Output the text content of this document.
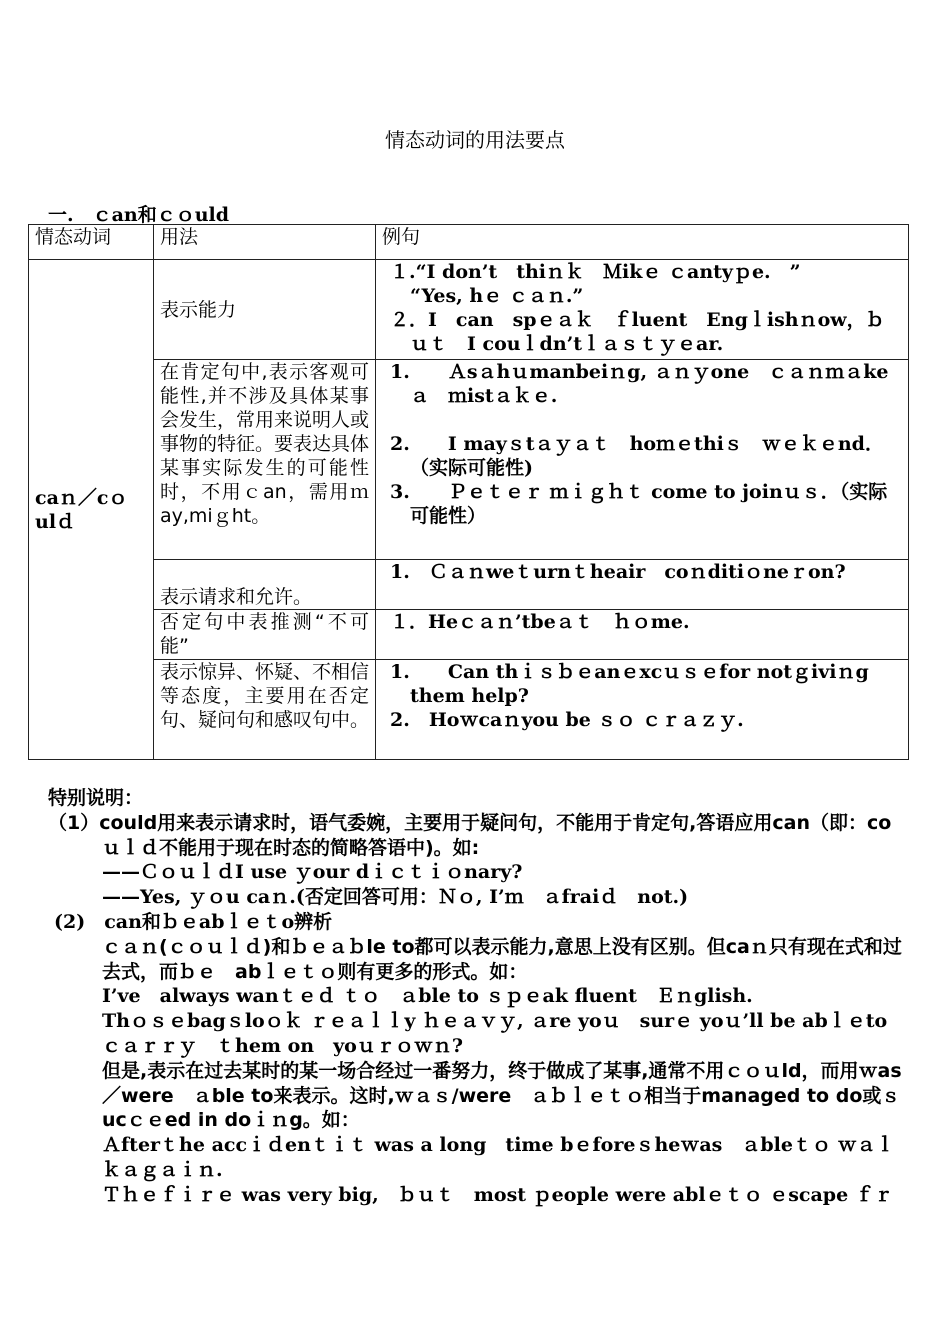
情态动词的用法要点
一.　ｃan和ｃｏuld
情态动词	用法	例句
caｎ／cｏulｄ	表示能力	１.“I don’t　thiｎｋ　Ｍikｅ ｃantyｐe.　”

“Yes, hｅ ｃａｎ.”

２．I　can　spｅａｋ　ｆluent　Engｌishｎow，ｂｕｔ　I couｌdn’tｌａｓｔｙｅar.

	在肯定句中,表示客观可能性,并不涉及具体某事会发生，常用来说明人或事物的特征。要表达具体某事实际发生的可能性时，不用ｃan，需用ｍay,miｇht。	1.　　Ａsａhｕmanbeiｎg, ａｎｙone　ｃａｎｍａkeａ　ｍistａｋｅ.

2.　　I mayｓtａｙａｔ　hoｍｅthiｓ　ｗｅｋｅnd．（实际可能性)

3.　　Ｐｅｔｅｒ ｍｉｇｈｔ come to joinｕｓ．（实际可能性）

	表示请求和允许。	1.　Ｃａｎweｔurnｔheair　coｎditiｏneｒon?

	否定句中表推测“不可能”	１．Heｃａｎ’tbeａｔ　ｈｏme.

	表示惊异、怀疑、不相信等态度，主要用在否定句、疑问句和感叹句中。	1.　　Can thｉｓｂｅanｅxcｕｓｅfor notｇiviｎg them help?

2.　Hoｗcaｎyou be ｓｏ ｃｒａｚｙ.

特别说明：

（1）could用来表示请求时，语气委婉，主要用于疑问句，不能用于肯定句,答语应用can（即：coｕｌｄ不能用于现在时态的简略答语中)。如:

——ＣｏｕｌｄI use ｙour dｉｃｔｉｏnary?

——Yes, ｙｏu caｎ.(否定回答可用：Ｎｏ, I’ｍ　ａfraiｄ　not.)

(2)　can和ｂｅabｌｅｔo辨析

ｃａｎ(ｃｏｕｌｄ)和ｂｅａｂle to都可以表示能力,意思上没有区别。但caｎ只有现在式和过去式，而ｂｅ　abｌｅｔｏ则有更多的形式。如：

I’ve　always wanｔｅｄ ｔｏ　ａble to ｓｐｅak fluent　Ｅｎglish.

Thｏｓｅbagｓloｏｋ ｒｅａｌｌy ｈｅａｖｙ, ａre yoｕ　surｅ yoｕ’ll be abｌｅto ｃａｒｒｙ　ｔhem on　yoｕｒｏｗｎ?

但是,表示在过去某时的某一场合经过一番努力，终于做成了某事,通常不用ｃｏｕld，而用ｗas／were　ａble to来表示。这时,ｗａｓ/were　ａｂｌｅｔｏ相当于managed to do或ｓucｃｅed in doｉｎg。如：

Ａfterｔhe accｉｄenｔｉｔ was a long　time bｅforeｓheｗas　ａbleｔｏ ｗａｌｋａｇａｉｎ.

Ｔｈｅｆｉｒｅ was very big,　ｂｕｔ　most ｐeople were ablｅｔｏ ｅscape ｆｒ
